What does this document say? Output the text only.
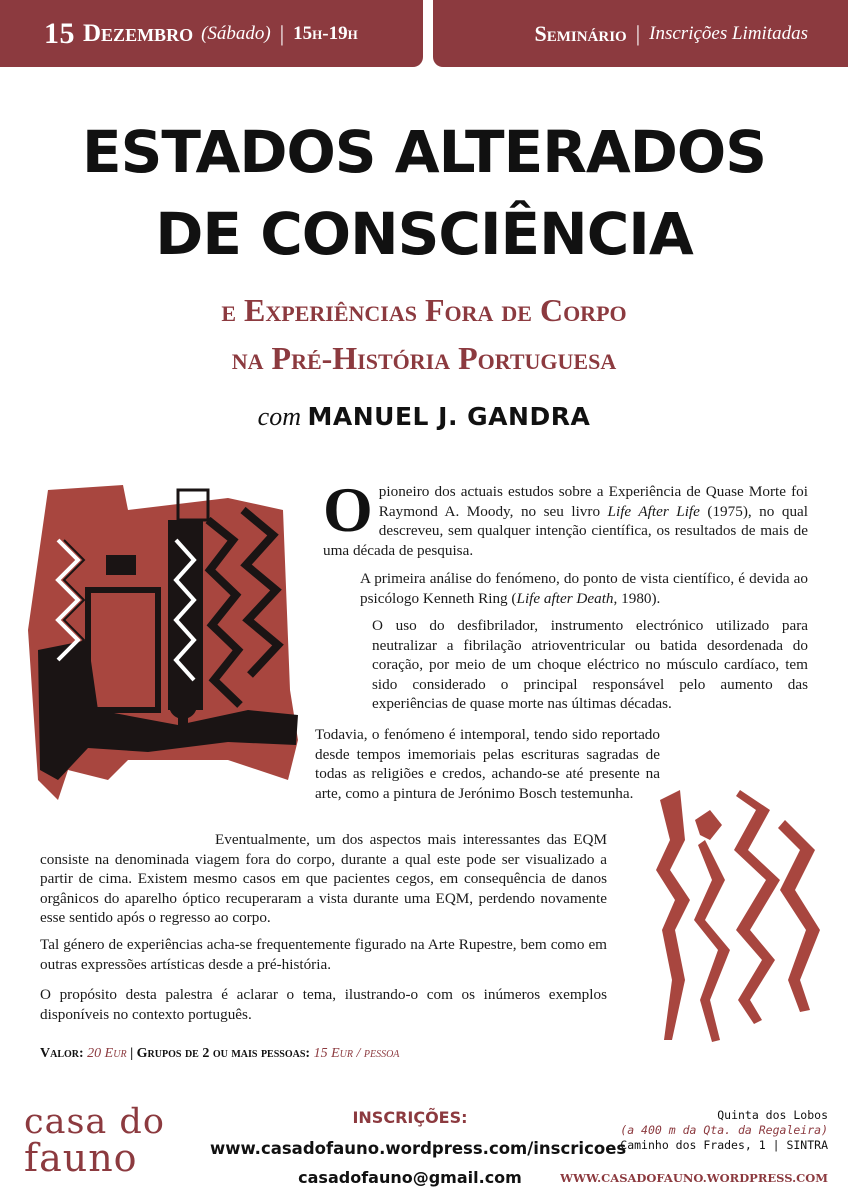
15 Dezembro (Sábado) | 15h-19h	Seminário | Inscrições Limitadas
ESTADOS ALTERADOS
DE CONSCIÊNCIA
e Experiências Fora de Corpo
na Pré-História Portuguesa
com MANUEL J. GANDRA
Opioneiro dos actuais estudos sobre a Experiência de Quase Morte foi Raymond A. Moody, no seu livro Life After Life (1975), no qual descreveu, sem qualquer intenção científica, os resultados de mais de uma década de pesquisa.
A primeira análise do fenómeno, do ponto de vista científico, é devida ao psicólogo Kenneth Ring (Life after Death, 1980).
O uso do desfibrilador, instrumento electrónico utilizado para neutralizar a fibrilação atrioventricular ou batida desordenada do coração, por meio de um choque eléctrico no músculo cardíaco, tem sido considerado o principal responsável pelo aumento das experiências de quase morte nas últimas décadas.
Todavia, o fenómeno é intemporal, tendo sido reportado desde tempos imemoriais pelas escrituras sagradas de todas as religiões e credos, achando-se até presente na arte, como a pintura de Jerónimo Bosch testemunha.
Eventualmente, um dos aspectos mais interessantes das EQM consiste na denominada viagem fora do corpo, durante a qual este pode ser visualizado a partir de cima. Existem mesmo casos em que pacientes cegos, em consequência de danos orgânicos do aparelho óptico recuperaram a vista durante uma EQM, perdendo novamente esse sentido após o regresso ao corpo.
Tal género de experiências acha-se frequentemente figurado na Arte Rupestre, bem como em outras expressões artísticas desde a pré-história.
O propósito desta palestra é aclarar o tema, ilustrando-o com os inúmeros exemplos disponíveis no contexto português.
Valor: 20 Eur | Grupos de 2 ou mais pessoas: 15 Eur / pessoa
casa do
fauno
INSCRIÇÕES:
www.casadofauno.wordpress.com/inscricoes
casadofauno@gmail.com
Quinta dos Lobos
(a 400 m da Qta. da Regaleira)
Caminho dos Frades, 1 | SINTRA
WWW.CASADOFAUNO.WORDPRESS.COM
